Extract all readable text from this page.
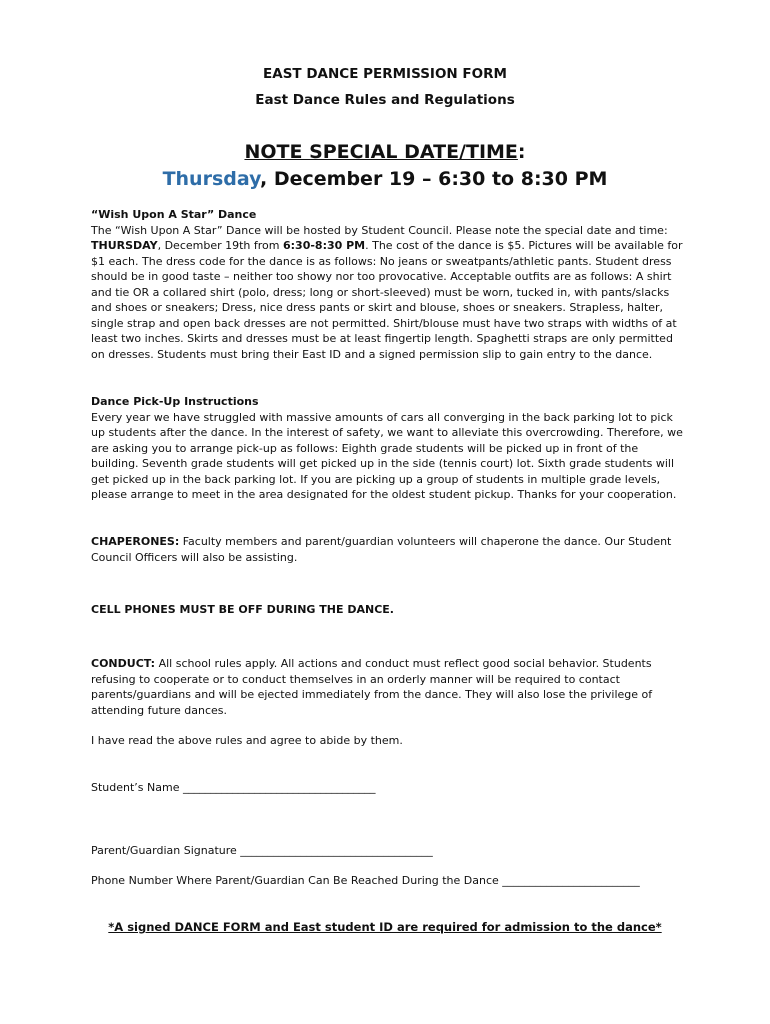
EAST DANCE PERMISSION FORM
East Dance Rules and Regulations
NOTE SPECIAL DATE/TIME:
Thursday, December 19 – 6:30 to 8:30 PM

“Wish Upon A Star” Dance

The “Wish Upon A Star” Dance will be hosted by Student Council. Please note the special date and time: THURSDAY, December 19th from 6:30-8:30 PM. The cost of the dance is $5. Pictures will be available for $1 each. The dress code for the dance is as follows: No jeans or sweatpants/athletic pants. Student dress should be in good taste – neither too showy nor too provocative. Acceptable outfits are as follows: A shirt and tie OR a collared shirt (polo, dress; long or short-sleeved) must be worn, tucked in, with pants/slacks and shoes or sneakers; Dress, nice dress pants or skirt and blouse, shoes or sneakers. Strapless, halter, single strap and open back dresses are not permitted. Shirt/blouse must have two straps with widths of at least two inches. Skirts and dresses must be at least fingertip length. Spaghetti straps are only permitted on dresses. Students must bring their East ID and a signed permission slip to gain entry to the dance.

Dance Pick-Up Instructions

Every year we have struggled with massive amounts of cars all converging in the back parking lot to pick up students after the dance. In the interest of safety, we want to alleviate this overcrowding. Therefore, we are asking you to arrange pick-up as follows: Eighth grade students will be picked up in front of the building. Seventh grade students will get picked up in the side (tennis court) lot. Sixth grade students will get picked up in the back parking lot. If you are picking up a group of students in multiple grade levels, please arrange to meet in the area designated for the oldest student pickup. Thanks for your cooperation.

CHAPERONES: Faculty members and parent/guardian volunteers will chaperone the dance. Our Student Council Officers will also be assisting.
CELL PHONES MUST BE OFF DURING THE DANCE.
CONDUCT: All school rules apply. All actions and conduct must reflect good social behavior. Students refusing to cooperate or to conduct themselves in an orderly manner will be required to contact parents/guardians and will be ejected immediately from the dance. They will also lose the privilege of attending future dances.
I have read the above rules and agree to abide by them.
Student’s Name ___________________________________
Parent/Guardian Signature ___________________________________
Phone Number Where Parent/Guardian Can Be Reached During the Dance _________________________
*A signed DANCE FORM and East student ID are required for admission to the dance*
